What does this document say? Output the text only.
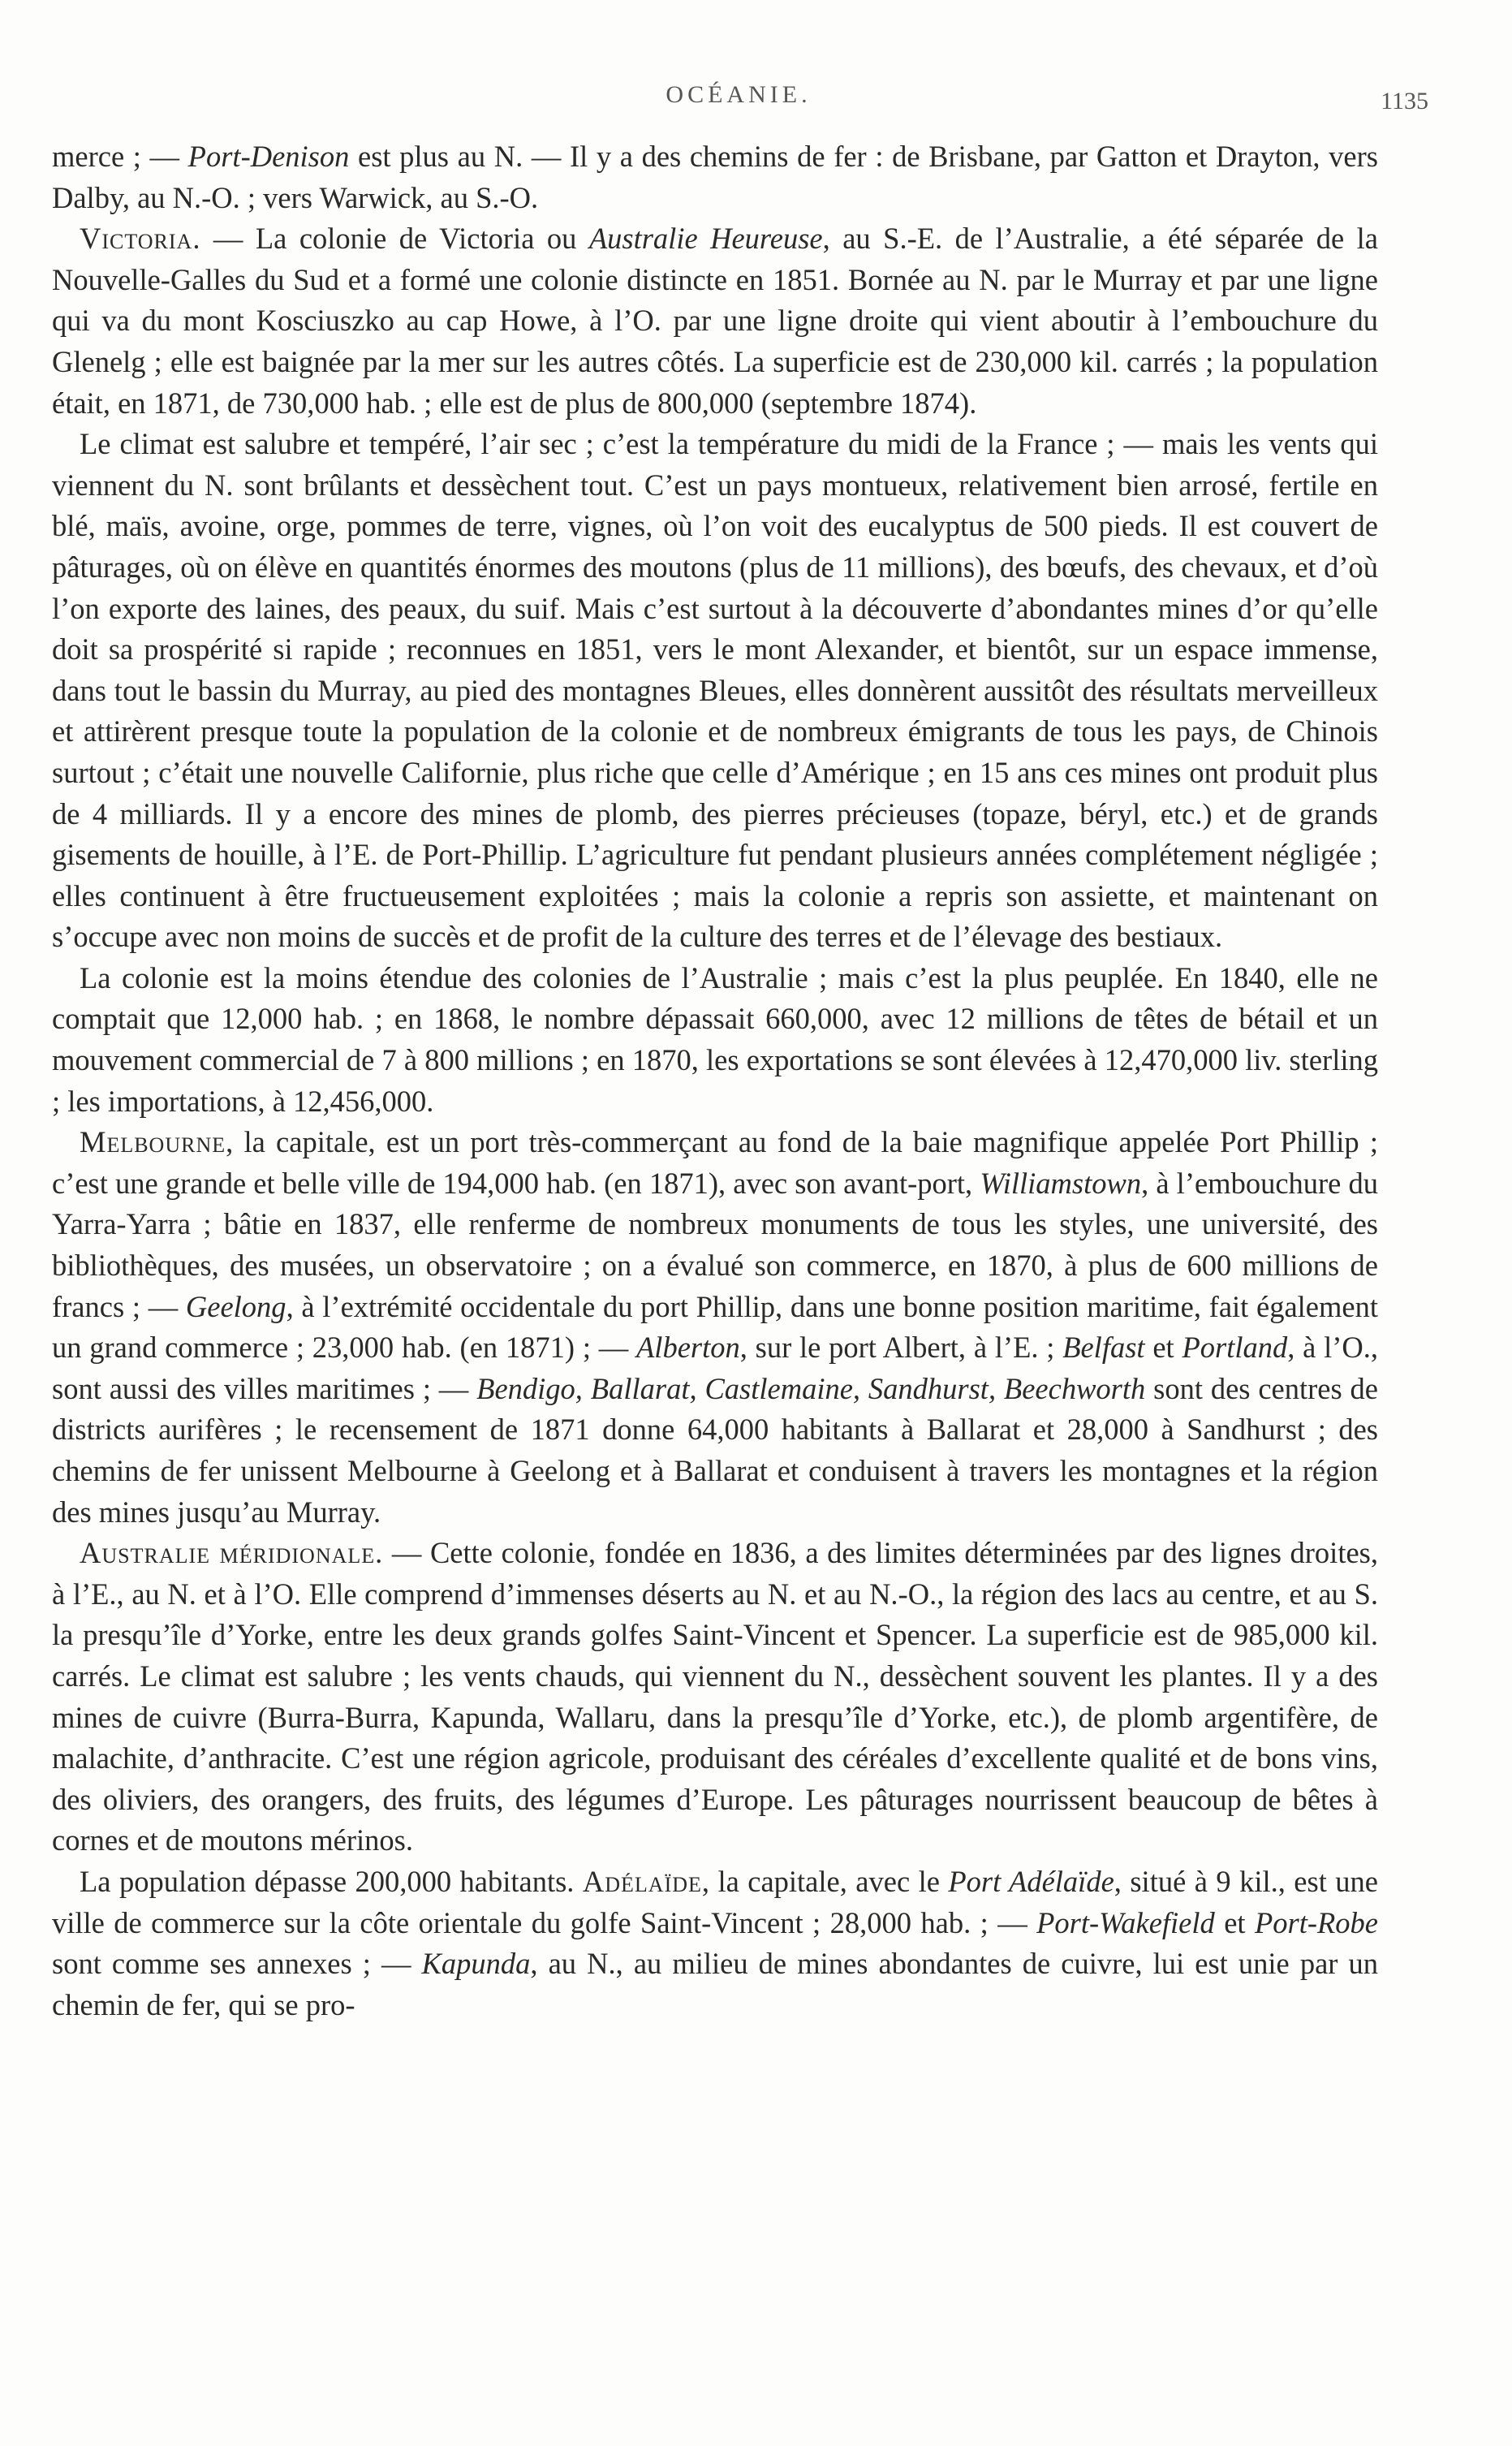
OCÉANIE.	1135

merce ; — Port-Denison est plus au N. — Il y a des chemins de fer : de Brisbane, par Gatton et Drayton, vers Dalby, au N.-O. ; vers Warwick, au S.-O.

Victoria. — La colonie de Victoria ou Australie Heureuse, au S.-E. de l’Australie, a été séparée de la Nouvelle-Galles du Sud et a formé une colonie distincte en 1851. Bornée au N. par le Murray et par une ligne qui va du mont Kosciuszko au cap Howe, à l’O. par une ligne droite qui vient aboutir à l’embouchure du Glenelg ; elle est baignée par la mer sur les autres côtés. La superficie est de 230,000 kil. carrés ; la population était, en 1871, de 730,000 hab. ; elle est de plus de 800,000 (septembre 1874).

Le climat est salubre et tempéré, l’air sec ; c’est la température du midi de la France ; — mais les vents qui viennent du N. sont brûlants et dessèchent tout. C’est un pays montueux, relativement bien arrosé, fertile en blé, maïs, avoine, orge, pommes de terre, vignes, où l’on voit des eucalyptus de 500 pieds. Il est couvert de pâturages, où on élève en quantités énormes des moutons (plus de 11 millions), des bœufs, des chevaux, et d’où l’on exporte des laines, des peaux, du suif. Mais c’est surtout à la découverte d’abondantes mines d’or qu’elle doit sa prospérité si rapide ; reconnues en 1851, vers le mont Alexander, et bientôt, sur un espace immense, dans tout le bassin du Murray, au pied des montagnes Bleues, elles donnèrent aussitôt des résultats merveilleux et attirèrent presque toute la population de la colonie et de nombreux émigrants de tous les pays, de Chinois surtout ; c’était une nouvelle Californie, plus riche que celle d’Amérique ; en 15 ans ces mines ont produit plus de 4 milliards. Il y a encore des mines de plomb, des pierres précieuses (topaze, béryl, etc.) et de grands gisements de houille, à l’E. de Port-Phillip. L’agriculture fut pendant plusieurs années complétement négligée ; elles continuent à être fructueusement exploitées ; mais la colonie a repris son assiette, et maintenant on s’occupe avec non moins de succès et de profit de la culture des terres et de l’élevage des bestiaux.

La colonie est la moins étendue des colonies de l’Australie ; mais c’est la plus peuplée. En 1840, elle ne comptait que 12,000 hab. ; en 1868, le nombre dépassait 660,000, avec 12 millions de têtes de bétail et un mouvement commercial de 7 à 800 millions ; en 1870, les exportations se sont élevées à 12,470,000 liv. sterling ; les importations, à 12,456,000.

Melbourne, la capitale, est un port très-commerçant au fond de la baie magnifique appelée Port Phillip ; c’est une grande et belle ville de 194,000 hab. (en 1871), avec son avant-port, Williamstown, à l’embouchure du Yarra-Yarra ; bâtie en 1837, elle renferme de nombreux monuments de tous les styles, une université, des bibliothèques, des musées, un observatoire ; on a évalué son commerce, en 1870, à plus de 600 millions de francs ; — Geelong, à l’extrémité occidentale du port Phillip, dans une bonne position maritime, fait également un grand commerce ; 23,000 hab. (en 1871) ; — Alberton, sur le port Albert, à l’E. ; Belfast et Portland, à l’O., sont aussi des villes maritimes ; — Bendigo, Ballarat, Castlemaine, Sandhurst, Beechworth sont des centres de districts aurifères ; le recensement de 1871 donne 64,000 habitants à Ballarat et 28,000 à Sandhurst ; des chemins de fer unissent Melbourne à Geelong et à Ballarat et conduisent à travers les montagnes et la région des mines jusqu’au Murray.

Australie méridionale. — Cette colonie, fondée en 1836, a des limites déterminées par des lignes droites, à l’E., au N. et à l’O. Elle comprend d’immenses déserts au N. et au N.-O., la région des lacs au centre, et au S. la presqu’île d’Yorke, entre les deux grands golfes Saint-Vincent et Spencer. La superficie est de 985,000 kil. carrés. Le climat est salubre ; les vents chauds, qui viennent du N., dessèchent souvent les plantes. Il y a des mines de cuivre (Burra-Burra, Kapunda, Wallaru, dans la presqu’île d’Yorke, etc.), de plomb argentifère, de malachite, d’anthracite. C’est une région agricole, produisant des céréales d’excellente qualité et de bons vins, des oliviers, des orangers, des fruits, des légumes d’Europe. Les pâturages nourrissent beaucoup de bêtes à cornes et de moutons mérinos.

La population dépasse 200,000 habitants. Adélaïde, la capitale, avec le Port Adélaïde, situé à 9 kil., est une ville de commerce sur la côte orientale du golfe Saint-Vincent ; 28,000 hab. ; — Port-Wakefield et Port-Robe sont comme ses annexes ; — Kapunda, au N., au milieu de mines abondantes de cuivre, lui est unie par un chemin de fer, qui se pro-
